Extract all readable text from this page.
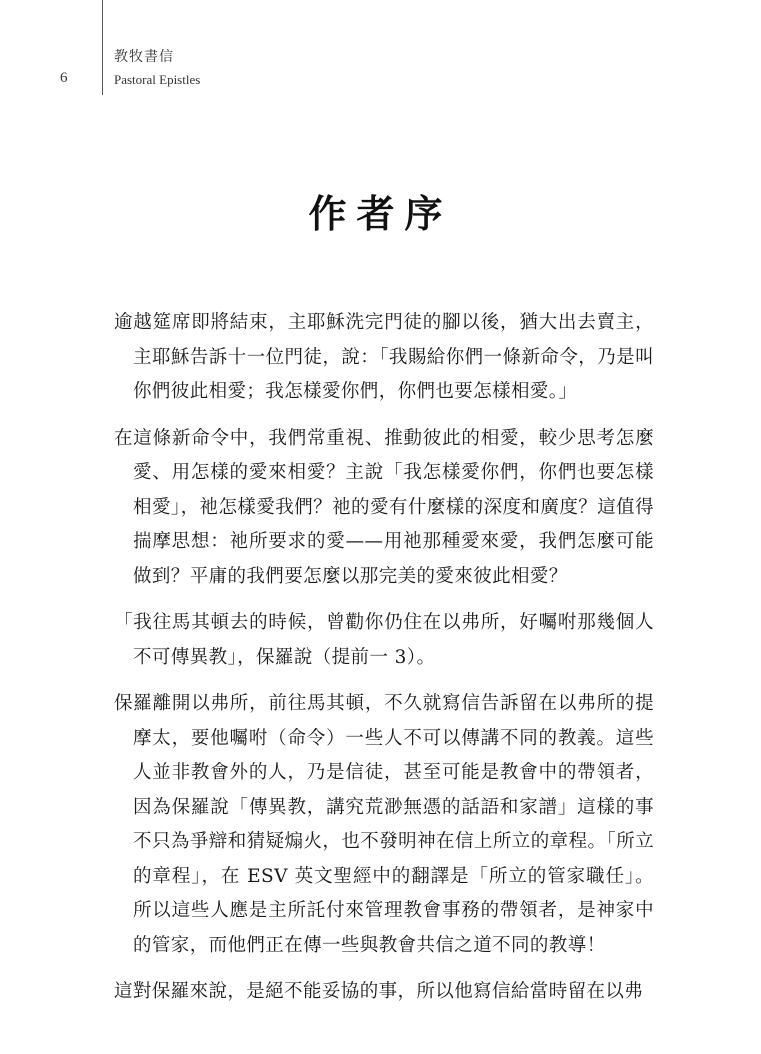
6
教牧書信
Pastoral Epistles
作者序

逾越筵席即將結束，主耶穌洗完門徒的腳以後，猶大出去賣主，主耶穌告訴十一位門徒，說：「我賜給你們一條新命令，乃是叫你們彼此相愛；我怎樣愛你們，你們也要怎樣相愛。」

在這條新命令中，我們常重視、推動彼此的相愛，較少思考怎麼愛、用怎樣的愛來相愛？主說「我怎樣愛你們，你們也要怎樣相愛」，祂怎樣愛我們？祂的愛有什麼樣的深度和廣度？這值得揣摩思想：祂所要求的愛——用祂那種愛來愛，我們怎麼可能做到？平庸的我們要怎麼以那完美的愛來彼此相愛？

「我往馬其頓去的時候，曾勸你仍住在以弗所，好囑咐那幾個人不可傳異教」，保羅說（提前一 3）。

保羅離開以弗所，前往馬其頓，不久就寫信告訴留在以弗所的提摩太，要他囑咐（命令）一些人不可以傳講不同的教義。這些人並非教會外的人，乃是信徒，甚至可能是教會中的帶領者，因為保羅說「傳異教，講究荒渺無憑的話語和家譜」這樣的事不只為爭辯和猜疑煽火，也不發明神在信上所立的章程。「所立的章程」，在 ESV 英文聖經中的翻譯是「所立的管家職任」。所以這些人應是主所託付來管理教會事務的帶領者，是神家中的管家，而他們正在傳一些與教會共信之道不同的教導！

這對保羅來說，是絕不能妥協的事，所以他寫信給當時留在以弗
